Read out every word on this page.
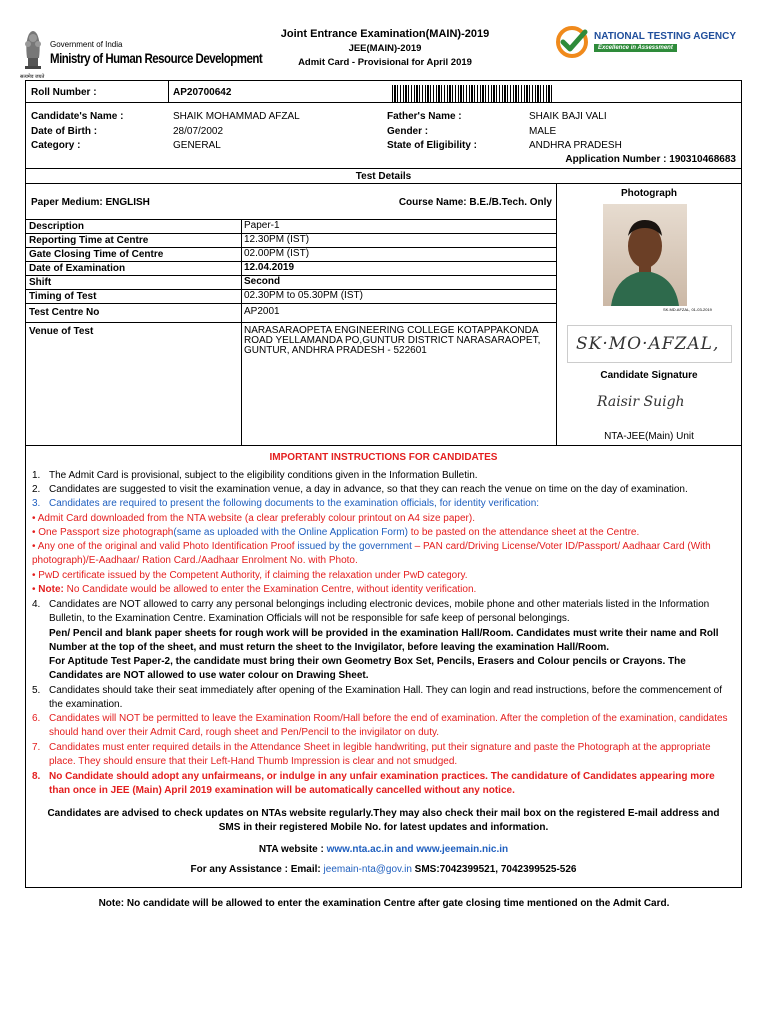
सत्यमेव जयते
Government of India
Ministry of Human Resource Development
Joint Entrance Examination(MAIN)-2019
JEE(MAIN)-2019
Admit Card - Provisional for April 2019
NATIONAL TESTING AGENCY
Excellence in Assessment
Roll Number :	AP20700642
Candidate's Name :	SHAIK MOHAMMAD AFZAL
Date of Birth :	28/07/2002
Category :	GENERAL
Father's Name :	SHAIK BAJI VALI
Gender :	MALE
State of Eligibility :	ANDHRA PRADESH
Application Number : 190310468683
Test Details
Paper Medium: ENGLISH	Course Name: B.E./B.Tech. Only
Description	Paper-1
Reporting Time at Centre	12.30PM (IST)
Gate Closing Time of Centre	02.00PM (IST)
Date of Examination	12.04.2019
Shift	Second
Timing of Test	02.30PM to 05.30PM (IST)
Test Centre No	AP2001
Venue of Test	NARASARAOPETA ENGINEERING COLLEGE KOTAPPAKONDA ROAD YELLAMANDA PO,GUNTUR DISTRICT NARASARAOPET, GUNTUR, ANDHRA PRADESH - 522601
Photograph
SK.MD.AFZAL, 01-03-2019
SK·MO·AFZAL,
Candidate Signature
Raisir Suigh
NTA-JEE(Main) Unit
IMPORTANT INSTRUCTIONS FOR CANDIDATES
1. The Admit Card is provisional, subject to the eligibility conditions given in the Information Bulletin.
2. Candidates are suggested to visit the examination venue, a day in advance, so that they can reach the venue on time on the day of examination.
3. Candidates are required to present the following documents to the examination officials, for identity verification:
• Admit Card downloaded from the NTA website (a clear preferably colour printout on A4 size paper).
• One Passport size photograph(same as uploaded with the Online Application Form) to be pasted on the attendance sheet at the Centre.
• Any one of the original and valid Photo Identification Proof issued by the government – PAN card/Driving License/Voter ID/Passport/ Aadhaar Card (With photograph)/E-Aadhaar/ Ration Card./Aadhaar Enrolment No. with Photo.
• PwD certificate issued by the Competent Authority, if claiming the relaxation under PwD category.
• Note: No Candidate would be allowed to enter the Examination Centre, without identity verification.
4. Candidates are NOT allowed to carry any personal belongings including electronic devices, mobile phone and other materials listed in the Information Bulletin, to the Examination Centre. Examination Officials will not be responsible for safe keep of personal belongings.
Pen/ Pencil and blank paper sheets for rough work will be provided in the examination Hall/Room. Candidates must write their name and Roll Number at the top of the sheet, and must return the sheet to the Invigilator, before leaving the examination Hall/Room.
For Aptitude Test Paper-2, the candidate must bring their own Geometry Box Set, Pencils, Erasers and Colour pencils or Crayons. The Candidates are NOT allowed to use water colour on Drawing Sheet.
5. Candidates should take their seat immediately after opening of the Examination Hall. They can login and read instructions, before the commencement of the examination.
6. Candidates will NOT be permitted to leave the Examination Room/Hall before the end of examination. After the completion of the examination, candidates should hand over their Admit Card, rough sheet and Pen/Pencil to the invigilator on duty.
7. Candidates must enter required details in the Attendance Sheet in legible handwriting, put their signature and paste the Photograph at the appropriate place. They should ensure that their Left-Hand Thumb Impression is clear and not smudged.
8. No Candidate should adopt any unfairmeans, or indulge in any unfair examination practices. The candidature of Candidates appearing more than once in JEE (Main) April 2019 examination will be automatically cancelled without any notice.
Candidates are advised to check updates on NTAs website regularly.They may also check their mail box on the registered E-mail address and SMS in their registered Mobile No. for latest updates and information.
NTA website : www.nta.ac.in and www.jeemain.nic.in
For any Assistance : Email: jeemain-nta@gov.in SMS:7042399521, 7042399525-526
Note: No candidate will be allowed to enter the examination Centre after gate closing time mentioned on the Admit Card.
